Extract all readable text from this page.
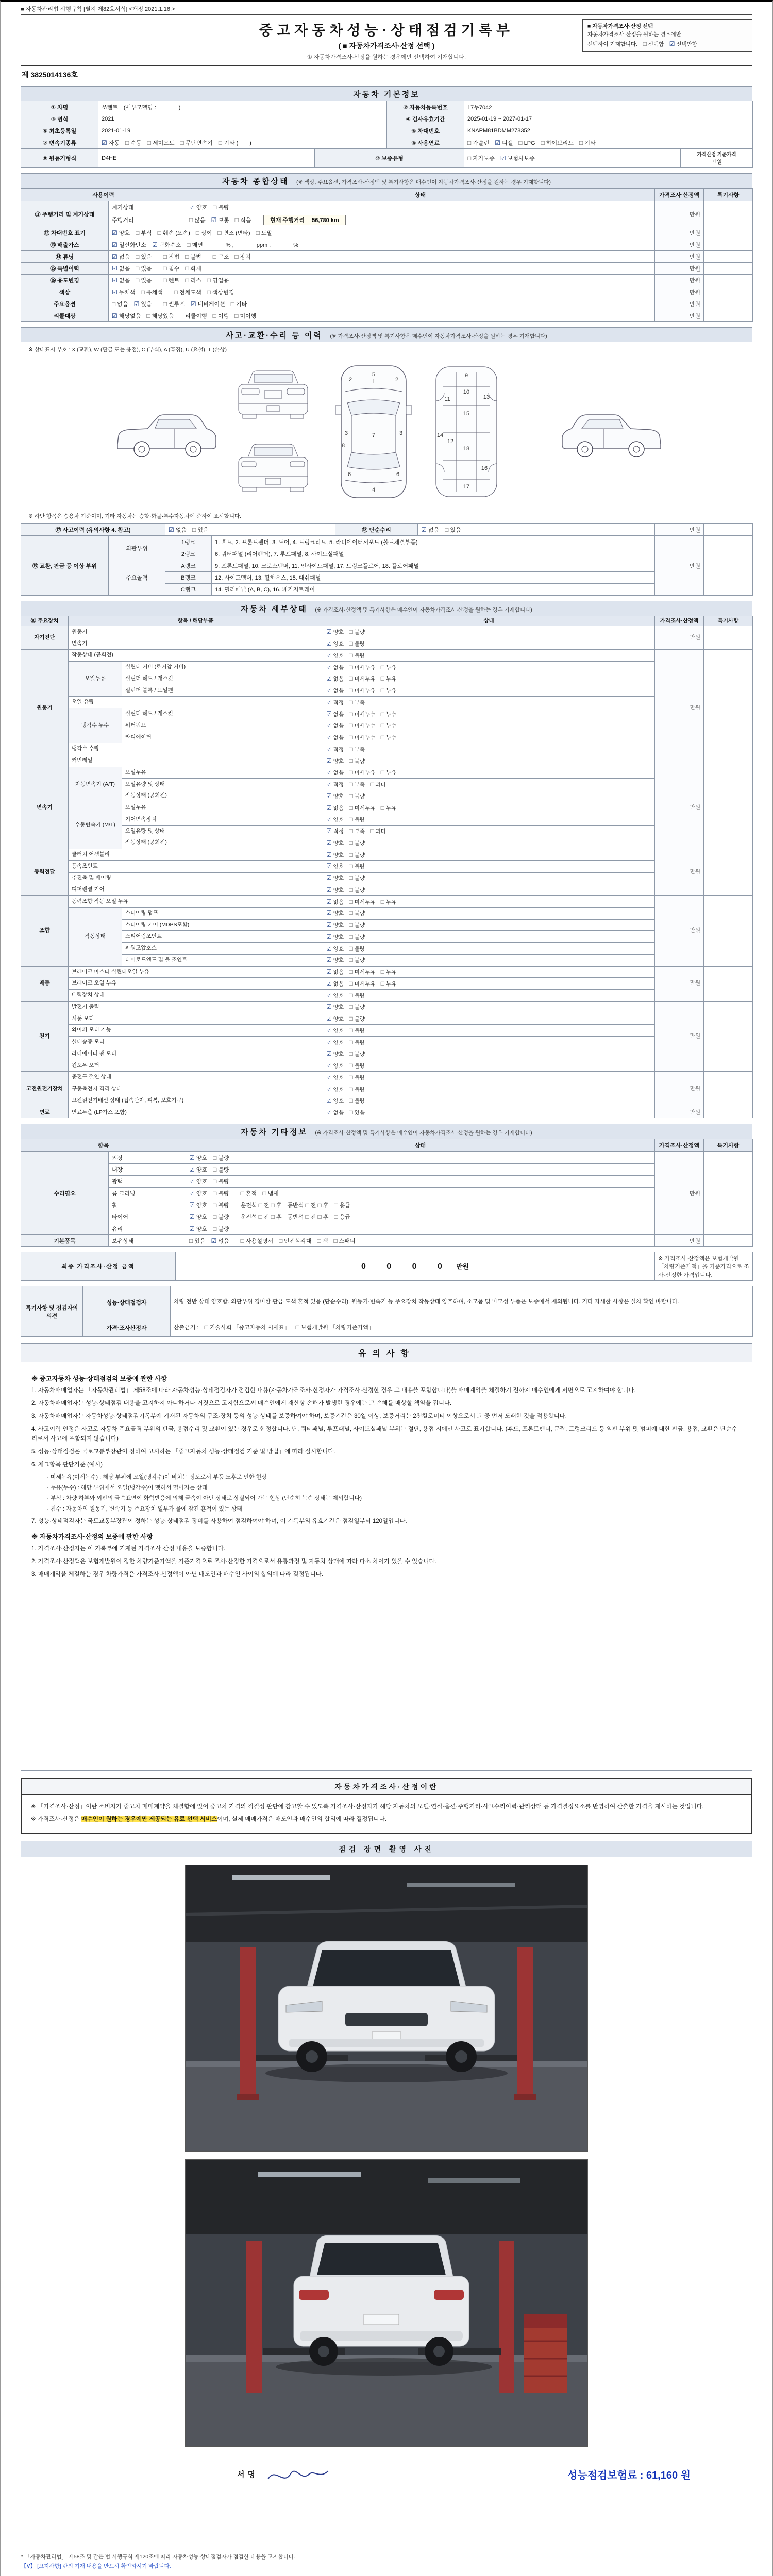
■ 자동차관리법 시행규칙 [별지 제82호서식] <개정 2021.1.16.>
중고자동차성능·상태점검기록부
( ■ 자동차가격조사·산정 선택 )
① 자동차가격조사·산정을 원하는 경우에만 선택하여 기재합니다.
■ 자동차가격조사·산정 선택
자동차가격조사·산정을 원하는 경우에만
선택하여 기재합니다. □ 선택함 ☑ 선택안함
제 3825014136호
자동차 기본정보
① 차명	쏘렌토 (세부모델명 :    )		② 자동차등록번호	17누7042	
③ 연식	2021		④ 검사유효기간	2025-01-19 ~ 2027-01-17	
⑤ 최초등록일	2021-01-19		⑥ 차대번호	KNAPM81BDMM278352	
⑦ 변속기종류	☑ 자동 □ 수동 □ 세미오토 □ 무단변속기 □ 기타 (  )		⑧ 사용연료	□ 가솔린 ☑ 디젤 □ LPG □ 하이브리드 □ 기타	
⑨ 원동기형식	D4HE	⑩ 보증유형		□ 자가보증 ☑ 보험사보증	가격산정 기준가격
만원
자동차 종합상태 (※ 색상, 주요옵션, 가격조사·산정액 및 특기사항은 매수인이 자동차가격조사·산정을 원하는 경우 기재합니다)
사용이력		상태	가격조사·산정액	특기사항
⑪ 주행거리 및 계기상태	계기상태	☑ 양호 □ 불량	만원	
	주행거리	□ 많음 ☑ 보통 □ 적음 현재 주행거리  56,780 km		
⑫ 차대번호 표기	☑ 양호 □ 부식 □ 훼손 (오손) □ 상이 □ 변조 (변타) □ 도말		만원	
⑬ 배출가스	☑ 일산화탄소 ☑ 탄화수소 □ 매연    % ,    ppm ,    %		만원	
⑭ 튜닝	☑ 없음 □ 있음  □ 적법 □ 불법  □ 구조 □ 장치		만원	
⑮ 특별이력	☑ 없음 □ 있음  □ 침수 □ 화재		만원	
⑯ 용도변경	☑ 없음 □ 있음  □ 렌트 □ 리스 □ 영업용		만원	
색상	☑ 무채색 □ 유채색  □ 전체도색 □ 색상변경		만원	
주요옵션	□ 없음 ☑ 있음  □ 썬루프 ☑ 네비게이션 □ 기타		만원	
리콜대상	☑ 해당없음 □ 해당있음  리콜이행 □ 이행 □ 미이행		만원	
사고·교환·수리 등 이력 (※ 가격조사·산정액 및 특기사항은 매수인이 자동차가격조사·산정을 원하는 경우 기재합니다)
※ 상태표시 부호 : X (교환), W (판금 또는 용접), C (부식), A (흠집), U (요철), T (손상)
1
2	2
3	3
4
5
6	6
7
8
9
10
11	13
15
12
14
18
16
17
※ 하단 항목은 승용차 기준이며, 기타 자동차는 승합·화물·특수자동차에 준하여 표시합니다.
⑰ 사고이력 (유의사항 4. 참고)	☑ 없음 □ 있음	⑱ 단순수리	☑ 없음 □ 있음	만원	
⑲ 교환, 판금 등 이상 부위	외판부위	1랭크	1. 후드, 2. 프론트펜더, 3. 도어, 4. 트렁크리드, 5. 라디에이터서포트 (볼트체결부품)	만원	
		2랭크	6. 쿼터패널 (리어펜더), 7. 루프패널, 8. 사이드실패널		
	주요골격	A랭크	9. 프론트패널, 10. 크로스멤버, 11. 인사이드패널, 17. 트렁크플로어, 18. 플로어패널		
		B랭크	12. 사이드멤버, 13. 휠하우스, 15. 대쉬패널		
		C랭크	14. 필러패널 (A, B, C), 16. 패키지트레이		
자동차 세부상태 (※ 가격조사·산정액 및 특기사항은 매수인이 자동차가격조사·산정을 원하는 경우 기재합니다)
⑳ 주요장치	항목 / 해당부품		상태	가격조사·산정액	특기사항
자기진단	원동기		☑ 양호 □ 불량	만원	
	변속기		☑ 양호 □ 불량		
원동기	작동상태 (공회전)		☑ 양호 □ 불량	만원	
	오일누유	실린더 커버 (로커암 커버)	☑ 없음 □ 미세누유 □ 누유		
		실린더 헤드 / 개스킷	☑ 없음 □ 미세누유 □ 누유		
		실린더 블록 / 오일팬	☑ 없음 □ 미세누유 □ 누유		
	오일 유량		☑ 적정 □ 부족		
	냉각수 누수	실린더 헤드 / 개스킷	☑ 없음 □ 미세누수 □ 누수		
		워터펌프	☑ 없음 □ 미세누수 □ 누수		
		라디에이터	☑ 없음 □ 미세누수 □ 누수		
	냉각수 수량		☑ 적정 □ 부족		
	커먼레일		☑ 양호 □ 불량		
변속기	자동변속기 (A/T)	오일누유	☑ 없음 □ 미세누유 □ 누유	만원	
		오일유량 및 상태	☑ 적정 □ 부족 □ 과다		
		작동상태 (공회전)	☑ 양호 □ 불량		
	수동변속기 (M/T)	오일누유	☑ 없음 □ 미세누유 □ 누유		
		기어변속장치	☑ 양호 □ 불량		
		오일유량 및 상태	☑ 적정 □ 부족 □ 과다		
		작동상태 (공회전)	☑ 양호 □ 불량		
동력전달	클러치 어셈블리		☑ 양호 □ 불량	만원	
	등속조인트		☑ 양호 □ 불량		
	추진축 및 베어링		☑ 양호 □ 불량		
	디퍼렌셜 기어		☑ 양호 □ 불량		
조향	동력조향 작동 오일 누유		☑ 없음 □ 미세누유 □ 누유	만원	
	작동상태	스티어링 펌프	☑ 양호 □ 불량		
		스티어링 기어 (MDPS포함)	☑ 양호 □ 불량		
		스티어링조인트	☑ 양호 □ 불량		
		파워고압호스	☑ 양호 □ 불량		
		타이로드엔드 및 볼 조인트	☑ 양호 □ 불량		
제동	브레이크 마스터 실린더오일 누유		☑ 없음 □ 미세누유 □ 누유	만원	
	브레이크 오일 누유		☑ 없음 □ 미세누유 □ 누유		
	배력장치 상태		☑ 양호 □ 불량		
전기	발전기 출력		☑ 양호 □ 불량	만원	
	시동 모터		☑ 양호 □ 불량		
	와이퍼 모터 기능		☑ 양호 □ 불량		
	실내송풍 모터		☑ 양호 □ 불량		
	라디에이터 팬 모터		☑ 양호 □ 불량		
	윈도우 모터		☑ 양호 □ 불량		
고전원전기장치	충전구 절연 상태		☑ 양호 □ 불량	만원	
	구동축전지 격리 상태		☑ 양호 □ 불량		
	고전원전기배선 상태 (접속단자, 피복, 보호기구)		☑ 양호 □ 불량		
연료	연료누출 (LP가스 포함)		☑ 없음 □ 있음	만원	
자동차 기타정보 (※ 가격조사·산정액 및 특기사항은 매수인이 자동차가격조사·산정을 원하는 경우 기재합니다)
항목		상태	가격조사·산정액	특기사항
수리필요	외장	☑ 양호 □ 불량	만원	
	내장	☑ 양호 □ 불량		
	광택	☑ 양호 □ 불량		
	룸 크리닝	☑ 양호 □ 불량  □ 흔적 □ 냄새		
	휠	☑ 양호 □ 불량  운전석 □ 전 □ 후 동반석 □ 전 □ 후 □ 응급		
	타이어	☑ 양호 □ 불량  운전석 □ 전 □ 후 동반석 □ 전 □ 후 □ 응급		
	유리	☑ 양호 □ 불량		
기본품목	보유상태	□ 있음 ☑ 없음  □ 사용설명서 □ 안전삼각대 □ 잭 □ 스패너	만원	
최종 가격조사·산정 금액	0 0 0 0 만원	※ 가격조사·산정액은 보험개발원 「차량기준가액」을 기준가격으로 조사·산정한 가격입니다.
특기사항 및 점검자의 의견	성능·상태점검자	차량 전반 상태 양호함. 외판부위 경미한 판금·도색 흔적 있음 (단순수리). 원동기·변속기 등 주요장치 작동상태 양호하며, 소모품 및 마모성 부품은 보증에서 제외됩니다. 기타 자세한 사항은 실차 확인 바랍니다.
	가격·조사산정자	산출근거 : □ 기술사회 「중고자동차 시세표」 □ 보험개발원 「차량기준가액」
유의사항
※ 중고자동차 성능·상태점검의 보증에 관한 사항
1. 자동차매매업자는 「자동차관리법」 제58조에 따라 자동차성능·상태점검자가 점검한 내용(자동차가격조사·산정자가 가격조사·산정한 경우 그 내용을 포함합니다)을 매매계약을 체결하기 전까지 매수인에게 서면으로 고지하여야 합니다.
2. 자동차매매업자는 성능·상태점검 내용을 고지하지 아니하거나 거짓으로 고지함으로써 매수인에게 재산상 손해가 발생한 경우에는 그 손해를 배상할 책임을 집니다.
3. 자동차매매업자는 자동차성능·상태점검기록부에 기재된 자동차의 구조·장치 등의 성능·상태를 보증하여야 하며, 보증기간은 30일 이상, 보증거리는 2천킬로미터 이상으로서 그 중 먼저 도래한 것을 적용합니다.
4. 사고이력 인정은 사고로 자동차 주요골격 부위의 판금, 용접수리 및 교환이 있는 경우로 한정합니다. 단, 쿼터패널, 루프패널, 사이드실패널 부위는 절단, 용접 시에만 사고로 표기합니다. (후드, 프론트펜더, 문짝, 트렁크리드 등 외판 부위 및 범퍼에 대한 판금, 용접, 교환은 단순수리로서 사고에 포함되지 않습니다)
5. 성능·상태점검은 국토교통부장관이 정하여 고시하는 「중고자동차 성능·상태점검 기준 및 방법」에 따라 실시합니다.
6. 체크항목 판단기준 (예시)
· 미세누유(미세누수) : 해당 부위에 오일(냉각수)이 비치는 정도로서 부품 노후로 인한 현상
· 누유(누수) : 해당 부위에서 오일(냉각수)이 맺혀서 떨어지는 상태
· 부식 : 차량 하부와 외판의 금속표면이 화학반응에 의해 금속이 아닌 상태로 상실되어 가는 현상 (단순히 녹슨 상태는 제외합니다)
· 침수 : 자동차의 원동기, 변속기 등 주요장치 일부가 물에 잠긴 흔적이 있는 상태
7. 성능·상태점검자는 국토교통부장관이 정하는 성능·상태점검 장비를 사용하여 점검하여야 하며, 이 기록부의 유효기간은 점검일부터 120일입니다.
※ 자동차가격조사·산정의 보증에 관한 사항
1. 가격조사·산정자는 이 기록부에 기재된 가격조사·산정 내용을 보증합니다.
2. 가격조사·산정액은 보험개발원이 정한 차량기준가액을 기준가격으로 조사·산정한 가격으로서 유통과정 및 자동차 상태에 따라 다소 차이가 있을 수 있습니다.
3. 매매계약을 체결하는 경우 차량가격은 가격조사·산정액이 아닌 매도인과 매수인 사이의 합의에 따라 결정됩니다.
자동차가격조사·산정이란

※ 「가격조사·산정」이란 소비자가 중고차 매매계약을 체결함에 있어 중고차 가격의 적절성 판단에 참고할 수 있도록 가격조사·산정자가 해당 자동차의 모델·연식·옵션·주행거리·사고수리이력·관리상태 등 가격결정요소를 반영하여 산출한 가격을 제시하는 것입니다.

※ 가격조사·산정은 매수인이 원하는 경우에만 제공되는 유료 선택 서비스이며, 실제 매매가격은 매도인과 매수인의 합의에 따라 결정됩니다.

점검 장면 촬영 사진
서명	성능점검보험료 : 61,160 원
* 「자동차관리법」 제58조 및 같은 법 시행규칙 제120조에 따라 자동차성능·상태점검자가 점검한 내용을 고지합니다.
【Ⅴ】 [고지사항] 란의 기재 내용을 반드시 확인하시기 바랍니다.
